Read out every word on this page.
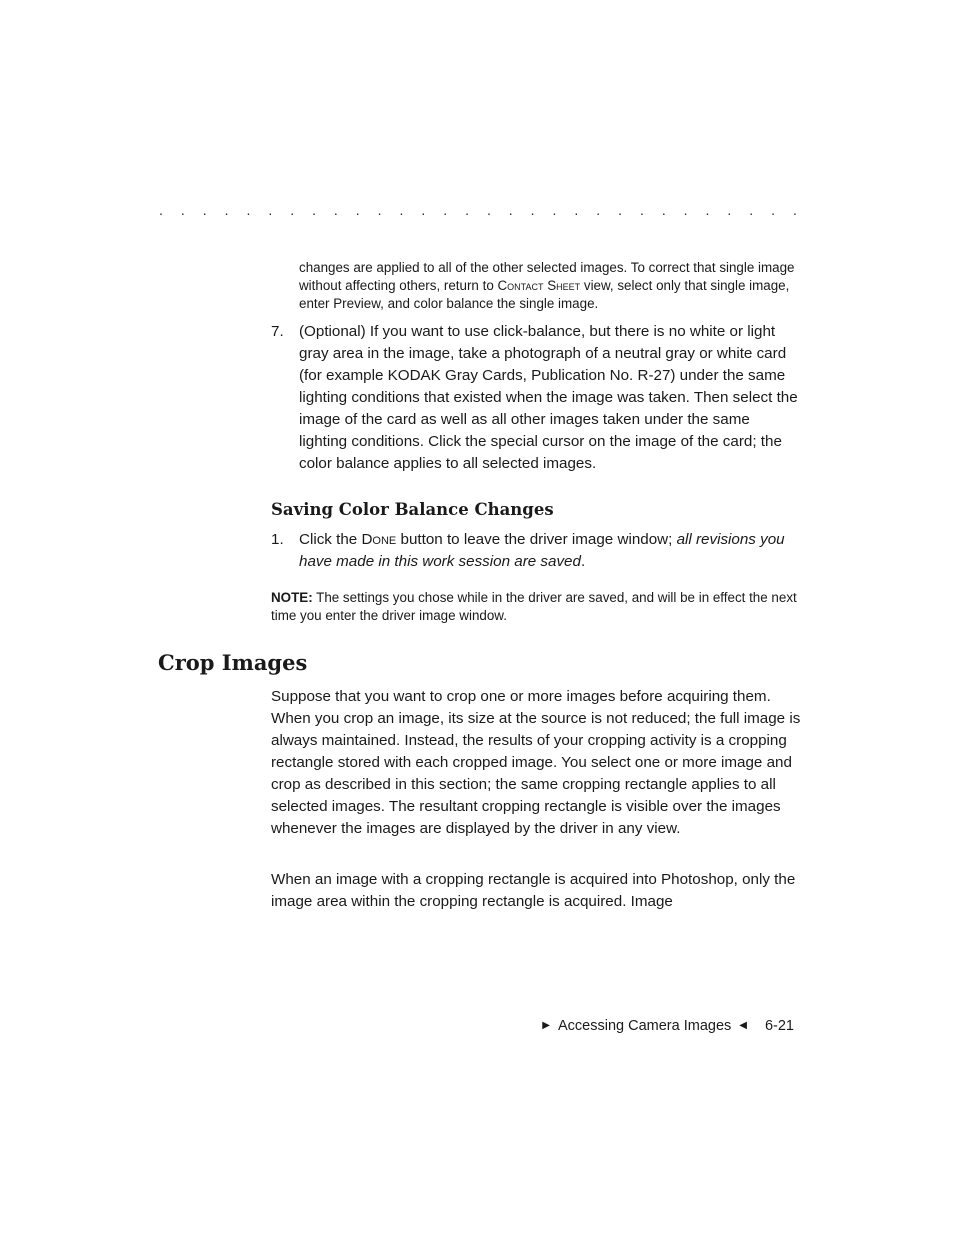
. . . . . . . . . . . . . . . . . . . . . . . . . . . . . .

changes are applied to all of the other selected images. To correct that single image without affecting others, return to Contact Sheet view, select only that single image, enter Preview, and color balance the single image.

7.	(Optional) If you want to use click-balance, but there is no white or light gray area in the image, take a photograph of a neutral gray or white card (for example KODAK Gray Cards, Publication No. R-27) under the same lighting conditions that existed when the image was taken. Then select the image of the card as well as all other images taken under the same lighting conditions. Click the special cursor on the image of the card; the color balance applies to all selected images.

Saving Color Balance Changes
1.	Click the Done button to leave the driver image window; all revisions you have made in this work session are saved.

NOTE: The settings you chose while in the driver are saved, and will be in effect the next time you enter the driver image window.

Crop Images

Suppose that you want to crop one or more images before acquiring them. When you crop an image, its size at the source is not reduced; the full image is always maintained. Instead, the results of your cropping activity is a cropping rectangle stored with each cropped image. You select one or more image and crop as described in this section; the same cropping rectangle applies to all selected images. The resultant cropping rectangle is visible over the images whenever the images are displayed by the driver in any view.

When an image with a cropping rectangle is acquired into Photoshop, only the image area within the cropping rectangle is acquired. Image

▶ Accessing Camera Images ◀ 6-21
